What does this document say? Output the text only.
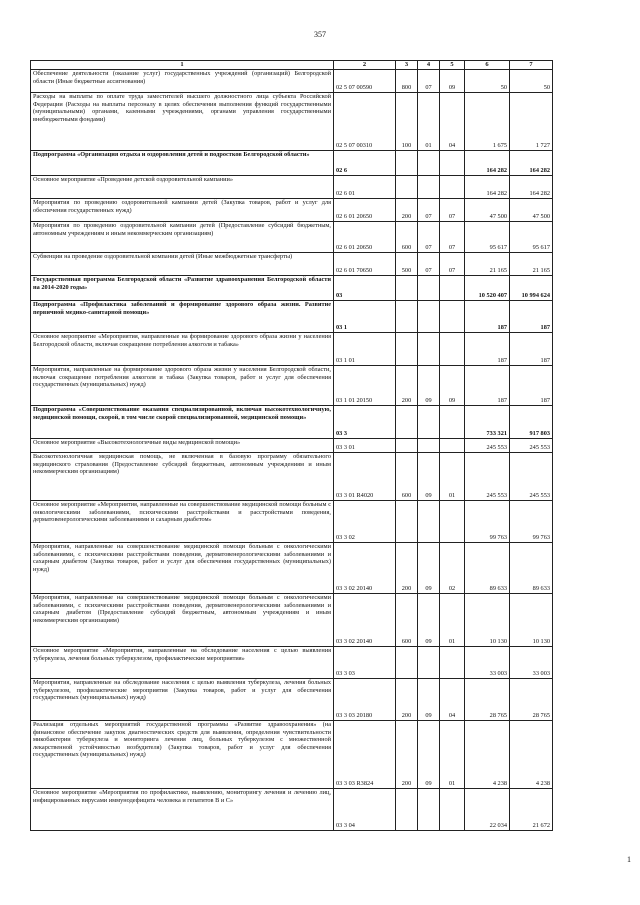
357
1	2	3	4	5	6	7
Обеспечение деятельности (оказание услуг) государственных учреждений (организаций) Белгородской области (Иные бюджетные ассигнования)	02 5 07 00590	800	07	09	50	50
Расходы на выплаты по оплате труда заместителей высшего должностного лица субъекта Российской Федерации (Расходы на выплаты персоналу в целях обеспечения выполнения функций государственными (муниципальными) органами, казенными учреждениями, органами управления государственными внебюджетными фондами)	02 5 07 00310	100	01	04	1 675	1 727
Подпрограмма «Организация отдыха и оздоровления детей и подростков Белгородской области»	02 6				164 282	164 282
Основное мероприятие «Проведение детской оздоровительной кампании»	02 6 01				164 282	164 282
Мероприятия по проведению оздоровительной кампании детей (Закупка товаров, работ и услуг для обеспечения государственных нужд)	02 6 01 20650	200	07	07	47 500	47 500
Мероприятия по проведению оздоровительной кампании детей (Предоставление субсидий бюджетным, автономным учреждениям и иным некоммерческим организациям)	02 6 01 20650	600	07	07	95 617	95 617
Субвенции на проведение оздоровительной компании детей (Иные межбюджетные трансферты)	02 6 01 70650	500	07	07	21 165	21 165
Государственная программа Белгородской области «Развитие здравоохранения Белгородской области на 2014-2020 годы»	03				10 520 407	10 994 624
Подпрограмма «Профилактика заболеваний и формирование здорового образа жизни. Развитие первичной медико-санитарной помощи»	03 1				187	187
Основное мероприятие «Мероприятия, направленные на формирование здорового образа жизни у населения Белгородской области, включая сокращение потребления алкоголя и табака»	03 1 01				187	187
Мероприятия, направленные на формирование здорового образа жизни у населения Белгородской области, включая сокращение потребления алкоголя и табака (Закупка товаров, работ и услуг для обеспечения государственных (муниципальных) нужд)	03 1 01 20150	200	09	09	187	187
Подпрограмма «Совершенствование оказания специализированной, включая высокотехнологичную, медицинской помощи, скорой, в том числе скорой специализированной, медицинской помощи»	03 3				733 321	917 803
Основное мероприятие «Высокотехнологичные виды медицинской помощи»	03 3 01				245 553	245 553
Высокотехнологичная медицинская помощь, не включенная в базовую программу обязательного медицинского страхования (Предоставление субсидий бюджетным, автономным учреждениям и иным некоммерческим организациям)	03 3 01 R4020	600	09	01	245 553	245 553
Основное мероприятие «Мероприятия, направленные на совершенствование медицинской помощи больным с онкологическими заболеваниями, психическими расстройствами и расстройствами поведения, дерматовенерологическими заболеваниями и сахарным диабетом»	03 3 02				99 763	99 763
Мероприятия, направленные на совершенствование медицинской помощи больным с онкологическими заболеваниями, с психическими расстройствами поведения, дерматовенерологическими заболеваниями и сахарным диабетом (Закупка товаров, работ и услуг для обеспечения государственных (муниципальных) нужд)	03 3 02 20140	200	09	02	89 633	89 633
Мероприятия, направленные на совершенствование медицинской помощи больным с онкологическими заболеваниями, с психическими расстройствами поведения, дерматовенерологическими заболеваниями и сахарным диабетом (Предоставление субсидий бюджетным, автономным учреждениям и иным некоммерческим организациям)	03 3 02 20140	600	09	01	10 130	10 130
Основное мероприятие «Мероприятия, направленные на обследование населения с целью выявления туберкулеза, лечения больных туберкулезом, профилактические мероприятия»	03 3 03				33 003	33 003
Мероприятия, направленные на обследование населения с целью выявления туберкулеза, лечения больных туберкулезом, профилактические мероприятия (Закупка товаров, работ и услуг для обеспечения государственных (муниципальных) нужд)	03 3 03 20180	200	09	04	28 765	28 765
Реализация отдельных мероприятий государственной программы «Развитие здравоохранения» (на финансовое обеспечение закупок диагностических средств для выявления, определения чувствительности микобактерии туберкулеза и мониторинга лечения лиц, больных туберкулезом с множественной лекарственной устойчивостью возбудителя) (Закупка товаров, работ и услуг для обеспечения государственных (муниципальных) нужд)	03 3 03 R3824	200	09	01	4 238	4 238
Основное мероприятие «Мероприятия по профилактике, выявлению, мониторингу лечения и лечению лиц, инфицированных вирусами иммунодефицита человека и гепатитов В и С»	03 3 04				22 034	21 672
1
